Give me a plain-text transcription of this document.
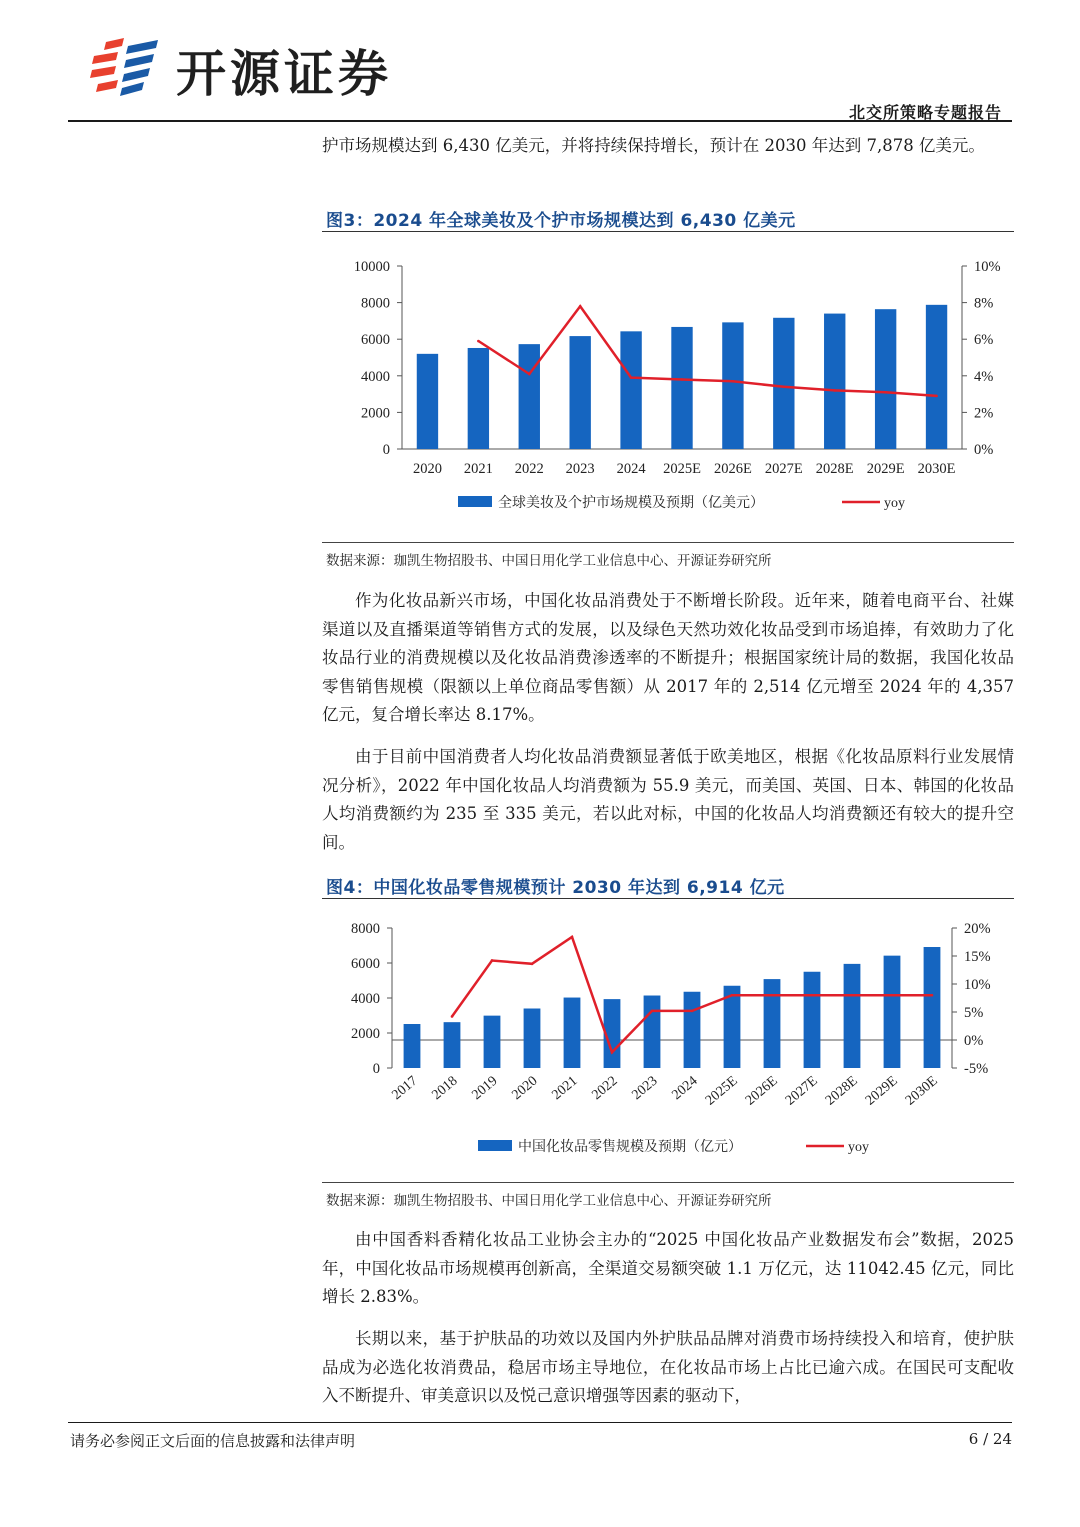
开源证券
北交所策略专题报告

护市场规模达到 6,430 亿美元，并将持续保持增长，预计在 2030 年达到 7,878 亿美元。

图3：2024 年全球美妆及个护市场规模达到 6,430 亿美元
0
2000
4000
6000
8000
10000
0%
2%
4%
6%
8%
10%
2020 2021 2022 2023 2024 2025E 2026E 2027E 2028E 2029E 2030E
全球美妆及个护市场规模及预期（亿美元）	yoy
数据来源：珈凯生物招股书、中国日用化学工业信息中心、开源证券研究所

作为化妆品新兴市场，中国化妆品消费处于不断增长阶段。近年来，随着电商平台、社媒渠道以及直播渠道等销售方式的发展，以及绿色天然功效化妆品受到市场追捧，有效助力了化妆品行业的消费规模以及化妆品消费渗透率的不断提升；根据国家统计局的数据，我国化妆品零售销售规模（限额以上单位商品零售额）从 2017 年的 2,514 亿元增至 2024 年的 4,357 亿元，复合增长率达 8.17%。

由于目前中国消费者人均化妆品消费额显著低于欧美地区，根据《化妆品原料行业发展情况分析》，2022 年中国化妆品人均消费额为 55.9 美元，而美国、英国、日本、韩国的化妆品人均消费额约为 235 至 335 美元，若以此对标，中国的化妆品人均消费额还有较大的提升空间。

图4：中国化妆品零售规模预计 2030 年达到 6,914 亿元
0
2000
4000
6000
8000
-5%
0%
5%
10%
15%
20%
2017 2018 2019 2020 2021 2022 2023 2024 2025E 2026E 2027E 2028E 2029E 2030E
中国化妆品零售规模及预期（亿元）	yoy
数据来源：珈凯生物招股书、中国日用化学工业信息中心、开源证券研究所

由中国香料香精化妆品工业协会主办的“2025 中国化妆品产业数据发布会”数据，2025 年，中国化妆品市场规模再创新高，全渠道交易额突破 1.1 万亿元，达 11042.45 亿元，同比增长 2.83%。

长期以来，基于护肤品的功效以及国内外护肤品品牌对消费市场持续投入和培育，使护肤品成为必选化妆消费品，稳居市场主导地位，在化妆品市场上占比已逾六成。在国民可支配收入不断提升、审美意识以及悦己意识增强等因素的驱动下，

请务必参阅正文后面的信息披露和法律声明	6 / 24
